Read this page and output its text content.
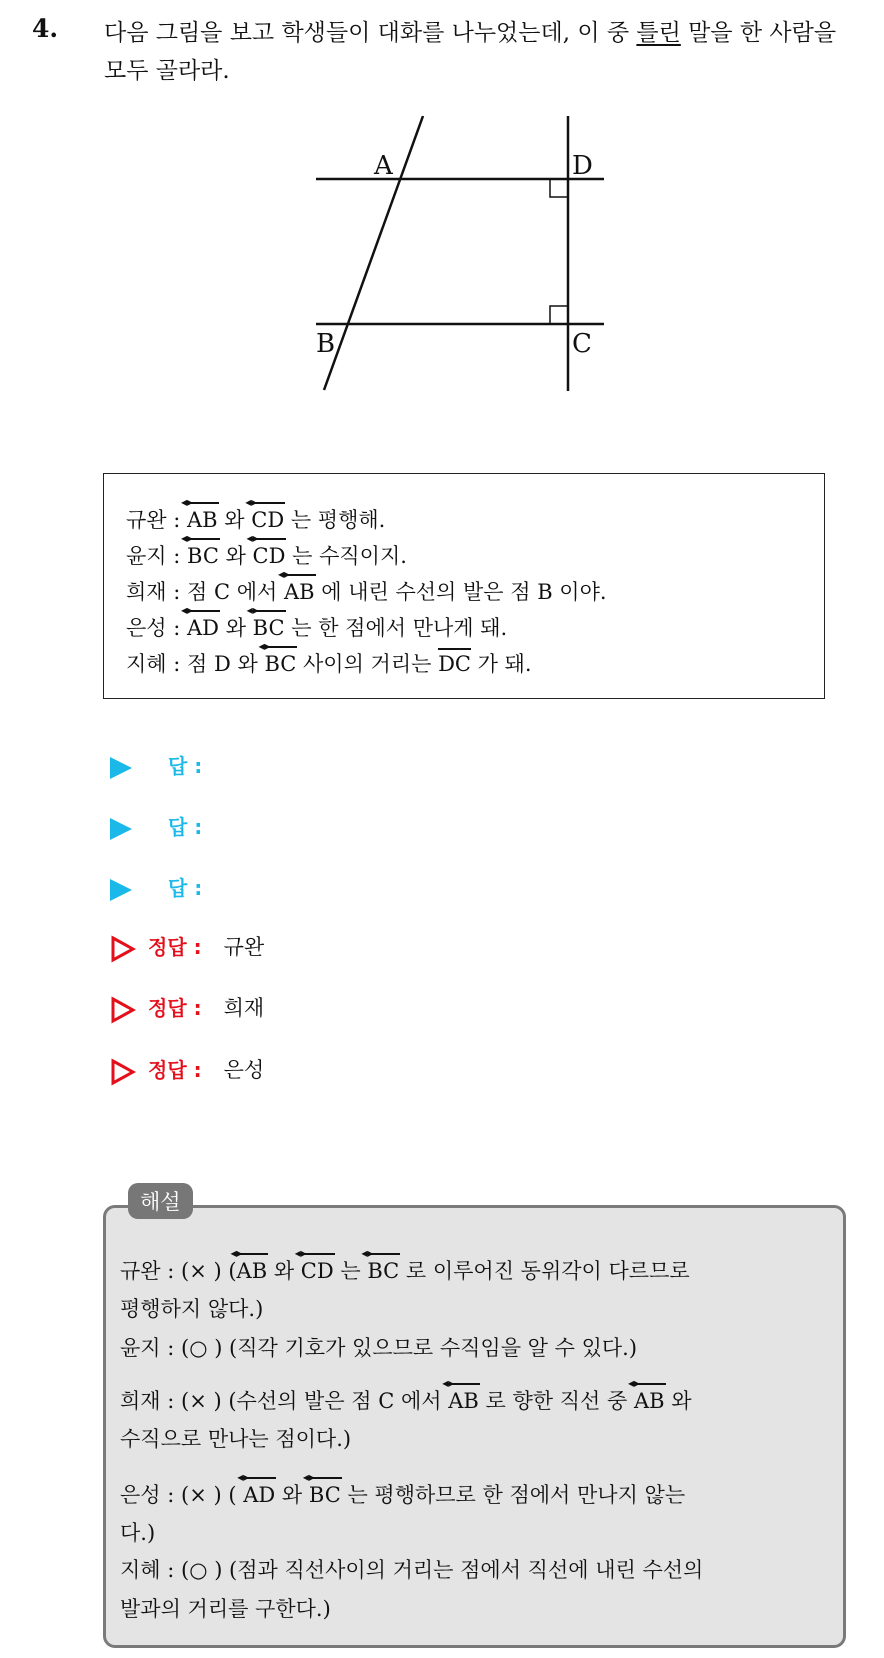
4. 다음 그림을 보고 학생들이 대화를 나누었는데, 이 중 틀린 말을 한 사람을 모두 골라라.
A	D
B	C
규완 : AB ◂▸ 와 CD ◂▸ 는 평행해.
윤지 : BC ◂▸ 와 CD ◂▸ 는 수직이지.
희재 : 점 C 에서 AB ◂▸ 에 내린 수선의 발은 점 B 이야.
은성 : AD ◂▸ 와 BC ◂▸ 는 한 점에서 만나게 돼.
지혜 : 점 D 와 BC ◂▸ 사이의 거리는 DC 가 돼.
답 :
답 :
답 :
정답 : 규완
정답 : 희재
정답 : 은성
해설
규완 : (× ) (AB ◂▸ 와 CD ◂▸ 는 BC ◂▸ 로 이루어진 동위각이 다르므로
평행하지 않다.)
윤지 : (○ ) (직각 기호가 있으므로 수직임을 알 수 있다.)
희재 : (× ) (수선의 발은 점 C 에서 AB ◂▸ 로 향한 직선 중 AB ◂▸ 와
수직으로 만나는 점이다.)
은성 : (× ) ( AD ◂▸ 와 BC ◂▸ 는 평행하므로 한 점에서 만나지 않는
다.)
지혜 : (○ ) (점과 직선사이의 거리는 점에서 직선에 내린 수선의
발과의 거리를 구한다.)
